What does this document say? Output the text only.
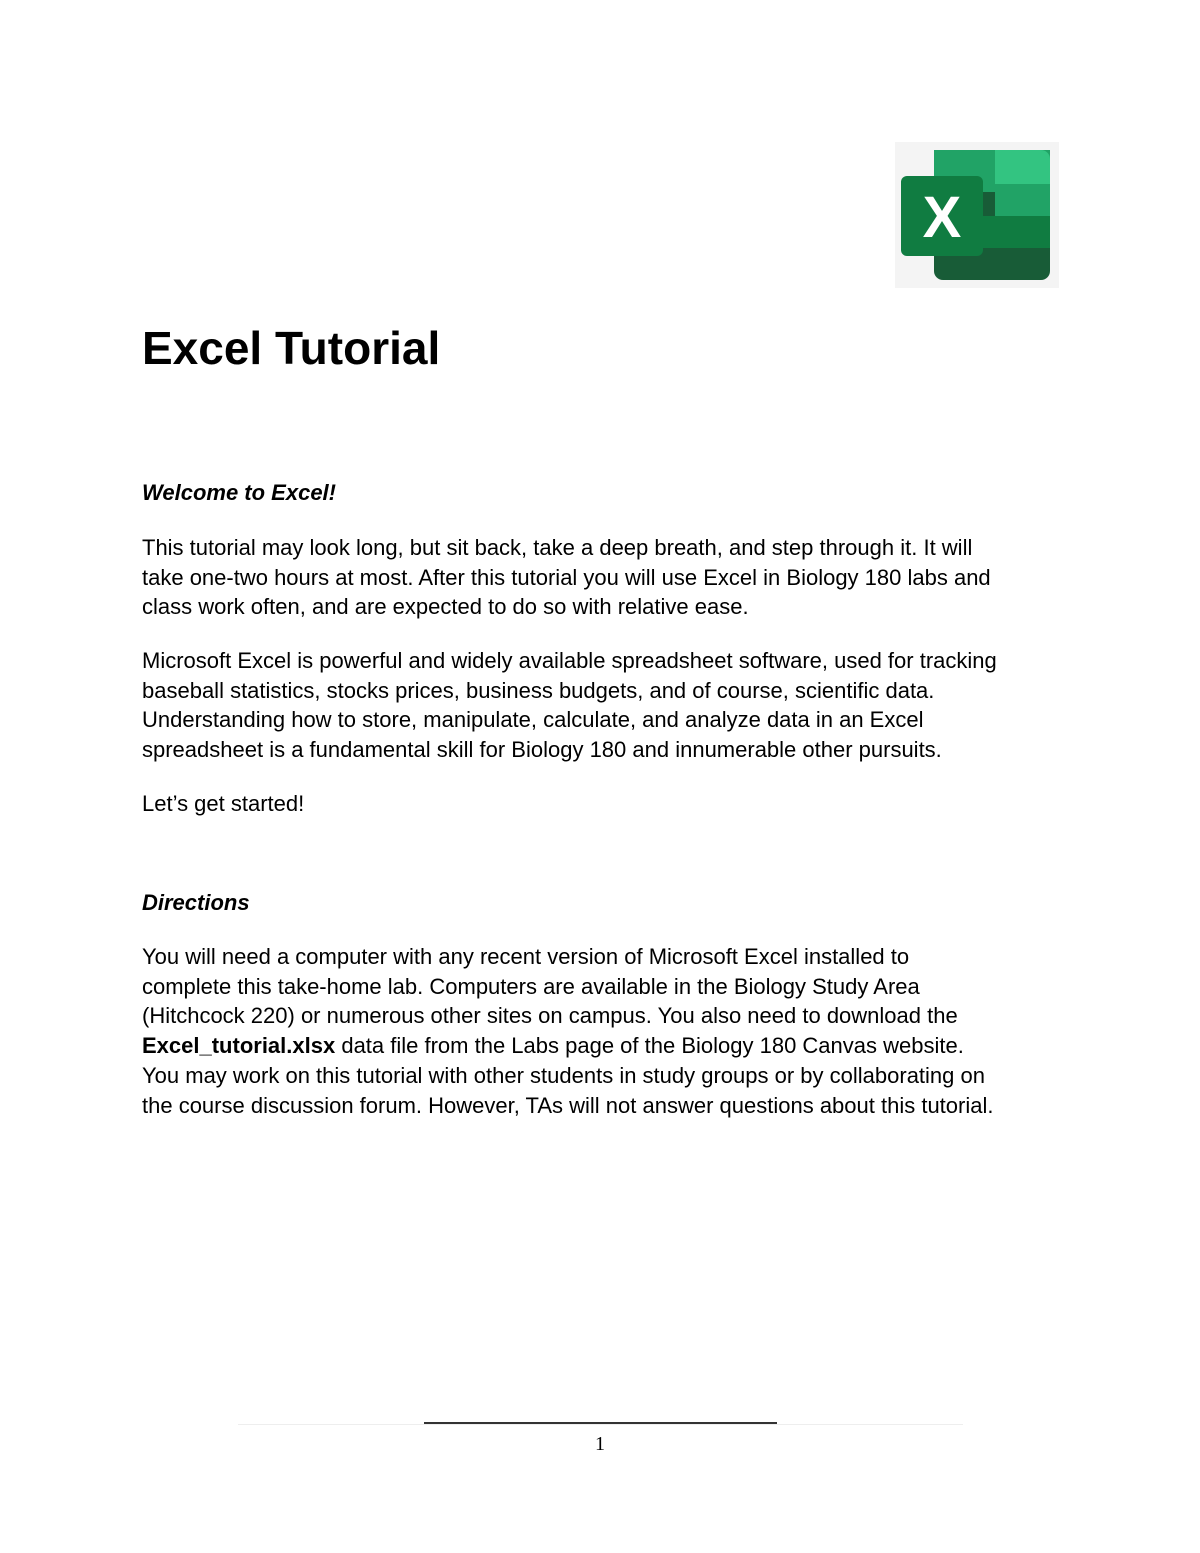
X
Excel Tutorial
Welcome to Excel!

This tutorial may look long, but sit back, take a deep breath, and step through it. It will
take one-two hours at most. After this tutorial you will use Excel in Biology 180 labs and
class work often, and are expected to do so with relative ease.

Microsoft Excel is powerful and widely available spreadsheet software, used for tracking
baseball statistics, stocks prices, business budgets, and of course, scientific data.
Understanding how to store, manipulate, calculate, and analyze data in an Excel
spreadsheet is a fundamental skill for Biology 180 and innumerable other pursuits.

Let’s get started!

Directions

You will need a computer with any recent version of Microsoft Excel installed to
complete this take-home lab. Computers are available in the Biology Study Area
(Hitchcock 220) or numerous other sites on campus. You also need to download the
Excel_tutorial.xlsx data file from the Labs page of the Biology 180 Canvas website.
You may work on this tutorial with other students in study groups or by collaborating on
the course discussion forum. However, TAs will not answer questions about this tutorial.

1
